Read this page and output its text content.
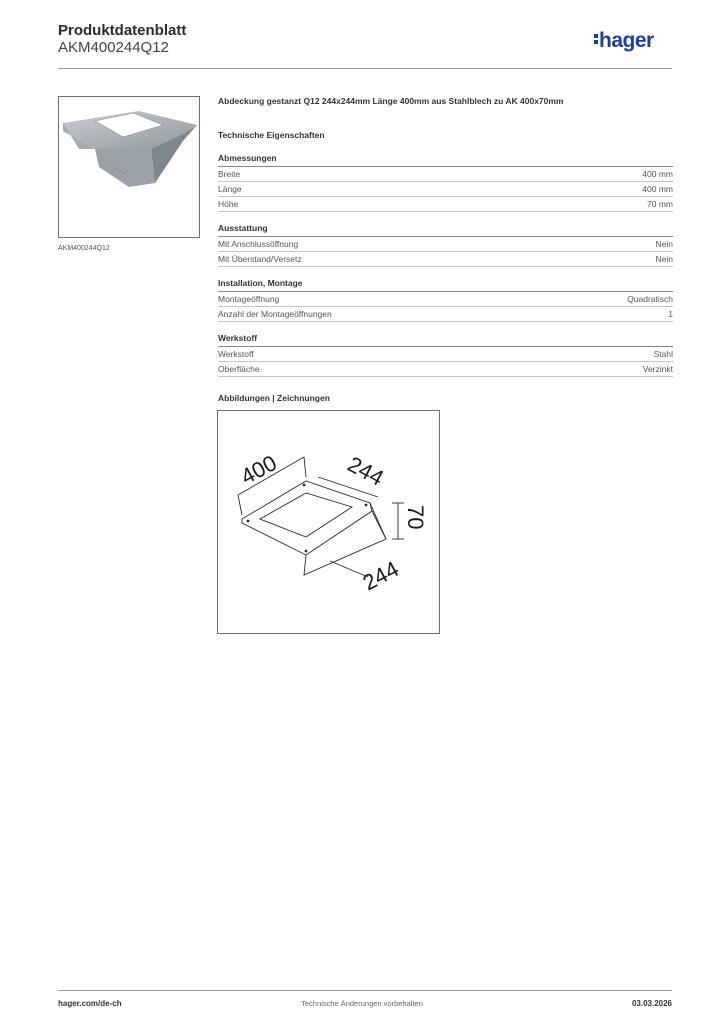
Produktdatenblatt
AKM400244Q12	hager
AKM400244Q12
Abdeckung gestanzt Q12 244x244mm Länge 400mm aus Stahlblech zu AK 400x70mm
Technische Eigenschaften
Abmessungen
Breite	400 mm
Länge	400 mm
Höhe	70 mm
Ausstattung
Mit Anschlussöffnung	Nein
Mit Überstand/Versetz	Nein
Installation, Montage
Montageöffnung	Quadratisch
Anzahl der Montageöffnungen	1
Werkstoff
Werkstoff	Stahl
Oberfläche	Verzinkt
Abbildungen | Zeichnungen
400	244
70
244
hager.com/de-ch	Technische Änderungen vorbehalten	03.03.2026
